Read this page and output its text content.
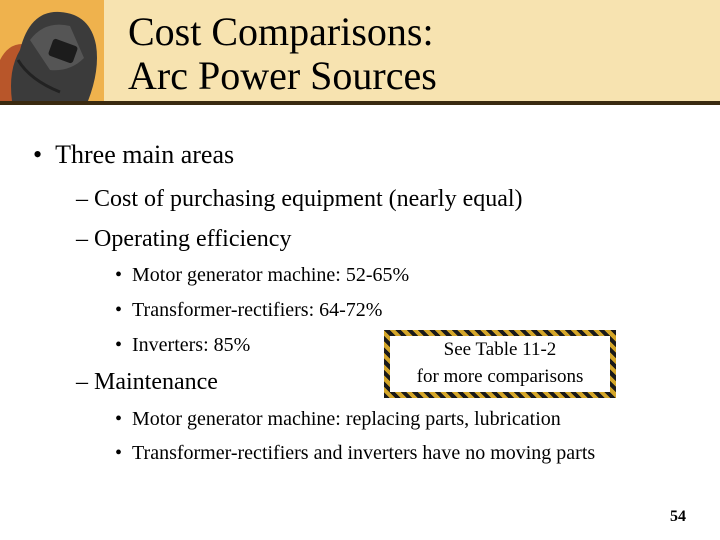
Cost Comparisons:
Arc Power Sources
•  Three main areas
– Cost of purchasing equipment (nearly equal)
– Operating efficiency
•  Motor generator machine: 52-65%
•  Transformer-rectifiers: 64-72%
•  Inverters: 85%
– Maintenance
•  Motor generator machine: replacing parts, lubrication
•  Transformer-rectifiers and inverters have no moving parts
See Table 11-2
for more comparisons
54
